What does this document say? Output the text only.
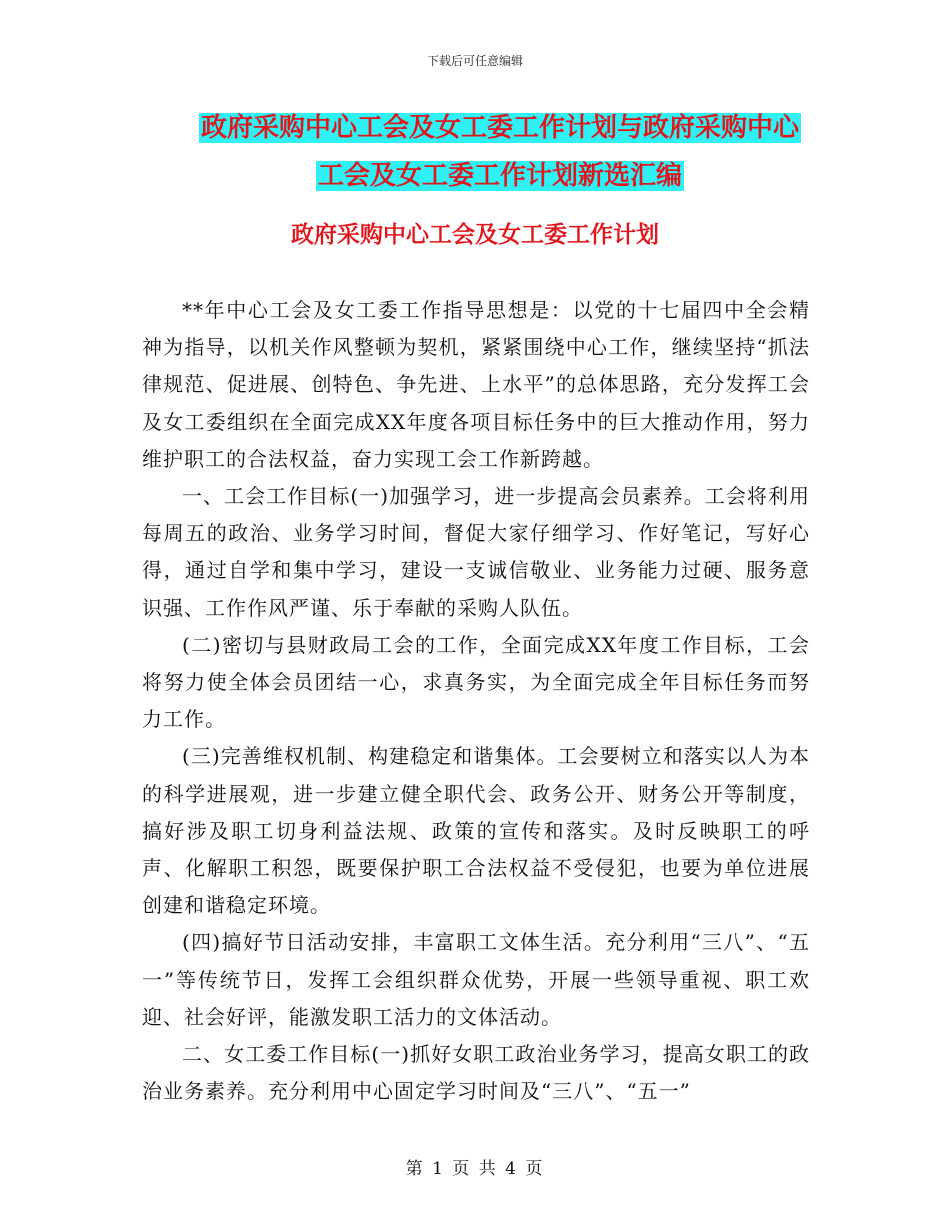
下载后可任意编辑
政府采购中心工会及女工委工作计划与政府采购中心
工会及女工委工作计划新选汇编
政府采购中心工会及女工委工作计划

**年中心工会及女工委工作指导思想是：以党的十七届四中全会精神为指导，以机关作风整顿为契机，紧紧围绕中心工作，继续坚持“抓法律规范、促进展、创特色、争先进、上水平”的总体思路，充分发挥工会及女工委组织在全面完成XX年度各项目标任务中的巨大推动作用，努力维护职工的合法权益，奋力实现工会工作新跨越。

一、工会工作目标(一)加强学习，进一步提高会员素养。工会将利用每周五的政治、业务学习时间，督促大家仔细学习、作好笔记，写好心得，通过自学和集中学习，建设一支诚信敬业、业务能力过硬、服务意识强、工作作风严谨、乐于奉献的采购人队伍。

(二)密切与县财政局工会的工作，全面完成XX年度工作目标，工会将努力使全体会员团结一心，求真务实，为全面完成全年目标任务而努力工作。

(三)完善维权机制、构建稳定和谐集体。工会要树立和落实以人为本的科学进展观，进一步建立健全职代会、政务公开、财务公开等制度，搞好涉及职工切身利益法规、政策的宣传和落实。及时反映职工的呼声、化解职工积怨，既要保护职工合法权益不受侵犯，也要为单位进展创建和谐稳定环境。

(四)搞好节日活动安排，丰富职工文体生活。充分利用“三八”、“五一”等传统节日，发挥工会组织群众优势，开展一些领导重视、职工欢迎、社会好评，能激发职工活力的文体活动。

二、女工委工作目标(一)抓好女职工政治业务学习，提高女职工的政治业务素养。充分利用中心固定学习时间及“三八”、“五一”

第 1 页 共 4 页
